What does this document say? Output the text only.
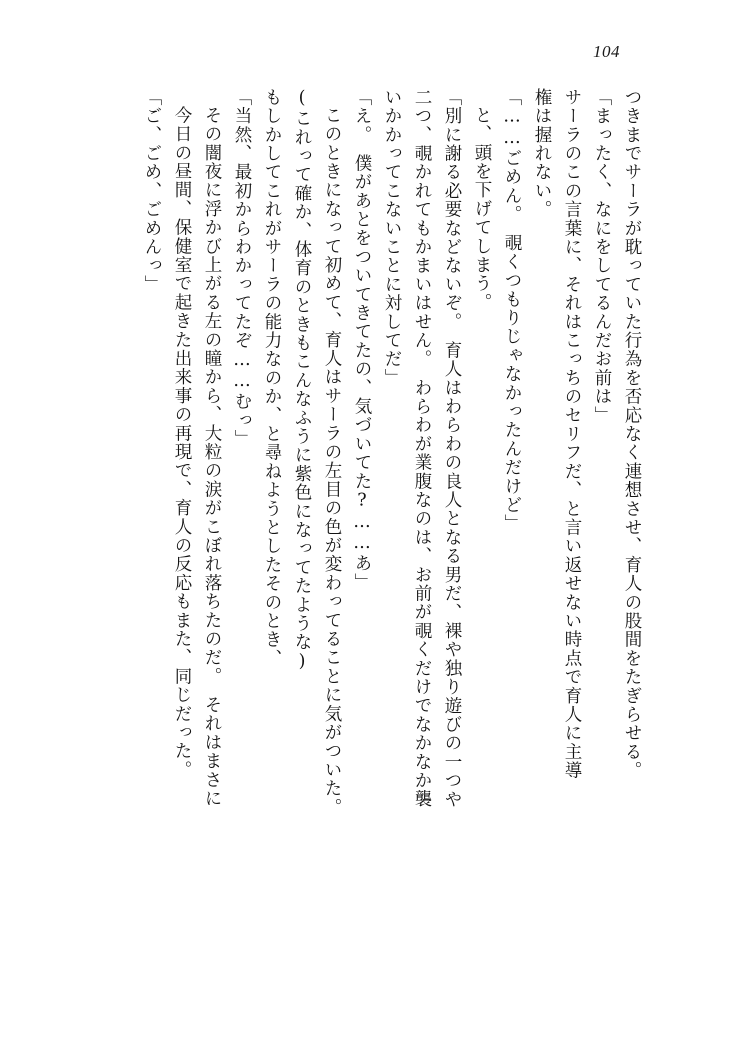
104
つきまでサーラが耽っていた行為を否応なく連想させ、育人の股間をたぎらせる。
「まったく、なにをしてるんだお前は」
サーラのこの言葉に、それはこっちのセリフだ、と言い返せない時点で育人に主導
権は握れない。
「……ごめん。　覗くつもりじゃなかったんだけど」
と、頭を下げてしまう。
「別に謝る必要などないぞ。　育人はわらわの良人となる男だ、裸や独り遊びの一つや
二つ、覗かれてもかまいはせん。　わらわが業腹なのは、お前が覗くだけでなかなか襲
いかかってこないことに対してだ」
「え。　僕があとをついてきてたの、気づいてた?……あ」
このときになって初めて、育人はサーラの左目の色が変わってることに気がついた。
(これって確か、体育のときもこんなふうに紫色になってたような)
もしかしてこれがサーラの能力なのか、と尋ねようとしたそのとき、
「当然、最初からわかってたぞ……むっ」
その闇夜に浮かび上がる左の瞳から、大粒の涙がこぼれ落ちたのだ。　それはまさに
今日の昼間、保健室で起きた出来事の再現で、育人の反応もまた、同じだった。
「ご、ごめ、ごめんっ」
